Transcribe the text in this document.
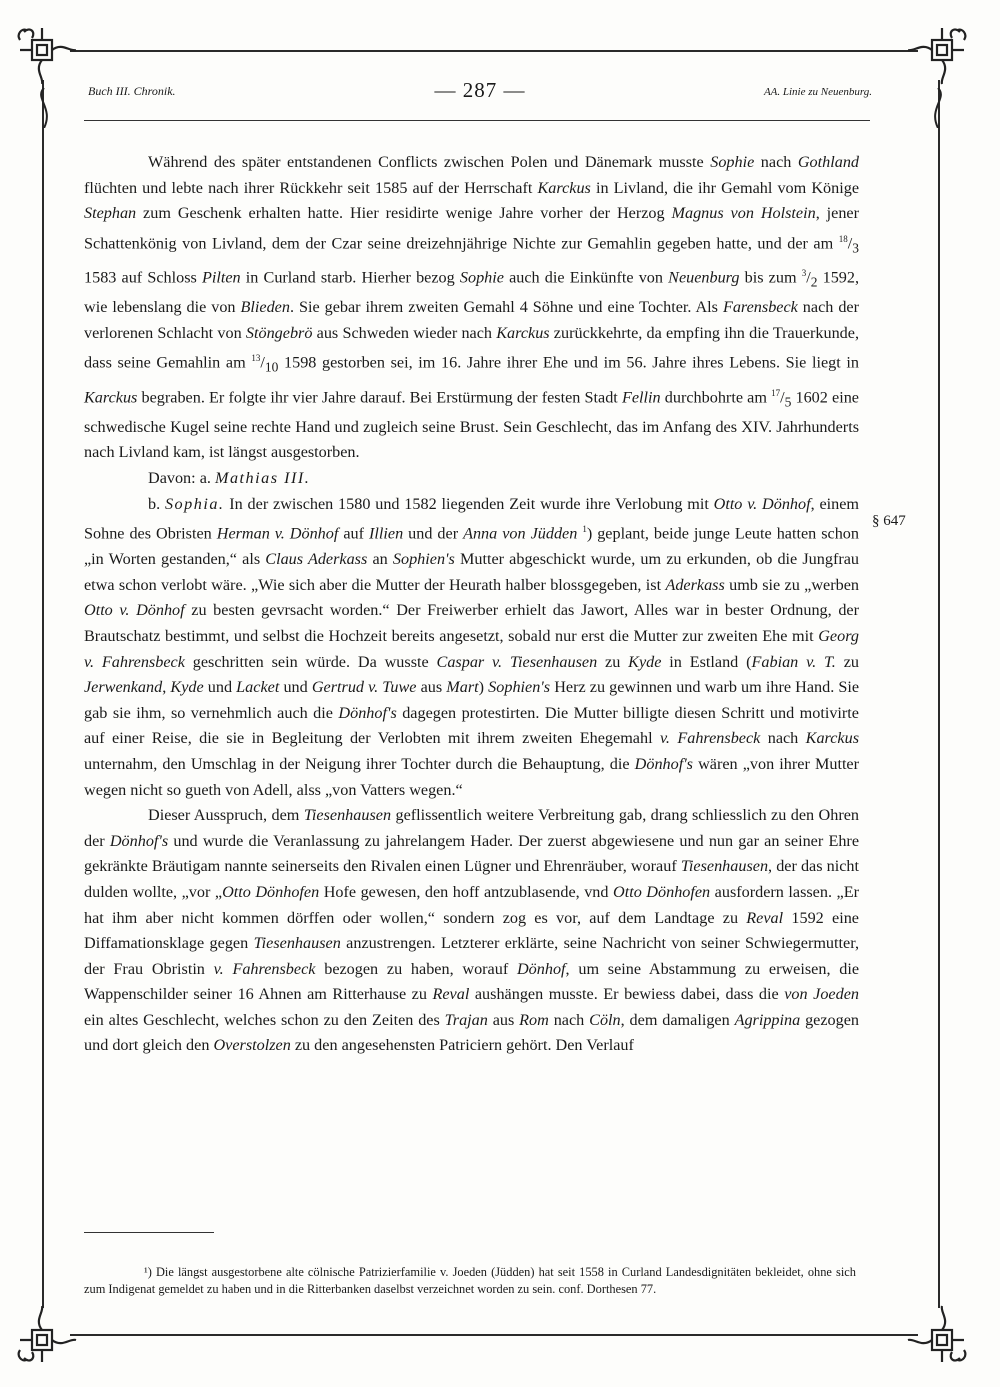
Buch III. Chronik.	— 287 —	AA. Linie zu Neuenburg.

Während des später entstandenen Conflicts zwischen Polen und Dänemark musste Sophie nach Gothland flüchten und lebte nach ihrer Rückkehr seit 1585 auf der Herrschaft Karckus in Livland, die ihr Gemahl vom Könige Stephan zum Geschenk erhalten hatte. Hier residirte wenige Jahre vorher der Herzog Magnus von Holstein, jener Schattenkönig von Livland, dem der Czar seine dreizehnjährige Nichte zur Gemahlin gegeben hatte, und der am $^{18}/_3$ 1583 auf Schloss Pilten in Curland starb. Hierher bezog Sophie auch die Einkünfte von Neuenburg bis zum $^3/_2$ 1592, wie lebenslang die von Blieden. Sie gebar ihrem zweiten Gemahl 4 Söhne und eine Tochter. Als Farensbeck nach der verlorenen Schlacht von Stöngebrö aus Schweden wieder nach Karckus zurückkehrte, da empfing ihn die Trauerkunde, dass seine Gemahlin am $^{13}/_{10}$ 1598 gestorben sei, im 16. Jahre ihrer Ehe und im 56. Jahre ihres Lebens. Sie liegt in Karckus begraben. Er folgte ihr vier Jahre darauf. Bei Erstürmung der festen Stadt Fellin durchbohrte am $^{17}/_5$ 1602 eine schwedische Kugel seine rechte Hand und zugleich seine Brust. Sein Geschlecht, das im Anfang des XIV. Jahrhunderts nach Livland kam, ist längst ausgestorben.

Davon: a. Mathias III.

b. Sophia. In der zwischen 1580 und 1582 liegenden Zeit wurde ihre Verlobung mit Otto v. Dönhof, einem Sohne des Obristen Herman v. Dönhof auf Illien und der Anna von Jüdden $^1$) geplant, beide junge Leute hatten schon „in Worten gestanden,“ als Claus Aderkass an Sophien's Mutter abgeschickt wurde, um zu erkunden, ob die Jungfrau etwa schon verlobt wäre. „Wie sich aber die Mutter der Heurath halber blossgegeben, ist Aderkass umb sie zu „werben Otto v. Dönhof zu besten gevrsacht worden.“ Der Freiwerber erhielt das Jawort, Alles war in bester Ordnung, der Brautschatz bestimmt, und selbst die Hochzeit bereits angesetzt, sobald nur erst die Mutter zur zweiten Ehe mit Georg v. Fahrensbeck geschritten sein würde. Da wusste Caspar v. Tiesenhausen zu Kyde in Estland (Fabian v. T. zu Jerwenkand, Kyde und Lacket und Gertrud v. Tuwe aus Mart) Sophien's Herz zu gewinnen und warb um ihre Hand. Sie gab sie ihm, so vernehmlich auch die Dönhof's dagegen protestirten. Die Mutter billigte diesen Schritt und motivirte auf einer Reise, die sie in Begleitung der Verlobten mit ihrem zweiten Ehegemahl v. Fahrensbeck nach Karckus unternahm, den Umschlag in der Neigung ihrer Tochter durch die Behauptung, die Dönhof's wären „von ihrer Mutter wegen nicht so gueth von Adell, alss „von Vatters wegen.“

Dieser Ausspruch, dem Tiesenhausen geflissentlich weitere Verbreitung gab, drang schliesslich zu den Ohren der Dönhof's und wurde die Veranlassung zu jahrelangem Hader. Der zuerst abgewiesene und nun gar an seiner Ehre gekränkte Bräutigam nannte seinerseits den Rivalen einen Lügner und Ehrenräuber, worauf Tiesenhausen, der das nicht dulden wollte, „vor „Otto Dönhofen Hofe gewesen, den hoff antzublasende, vnd Otto Dönhofen ausfordern lassen. „Er hat ihm aber nicht kommen dörffen oder wollen,“ sondern zog es vor, auf dem Landtage zu Reval 1592 eine Diffamationsklage gegen Tiesenhausen anzustrengen. Letzterer erklärte, seine Nachricht von seiner Schwiegermutter, der Frau Obristin v. Fahrensbeck bezogen zu haben, worauf Dönhof, um seine Abstammung zu erweisen, die Wappenschilder seiner 16 Ahnen am Ritterhause zu Reval aushängen musste. Er bewiess dabei, dass die von Joeden ein altes Geschlecht, welches schon zu den Zeiten des Trajan aus Rom nach Cöln, dem damaligen Agrippina gezogen und dort gleich den Overstolzen zu den angesehensten Patriciern gehört. Den Verlauf

§ 647
¹) Die längst ausgestorbene alte cölnische Patrizierfamilie v. Joeden (Jüdden) hat seit 1558 in Curland Landesdignitäten bekleidet, ohne sich zum Indigenat gemeldet zu haben und in die Ritterbanken daselbst verzeichnet worden zu sein. conf. Dorthesen 77.
